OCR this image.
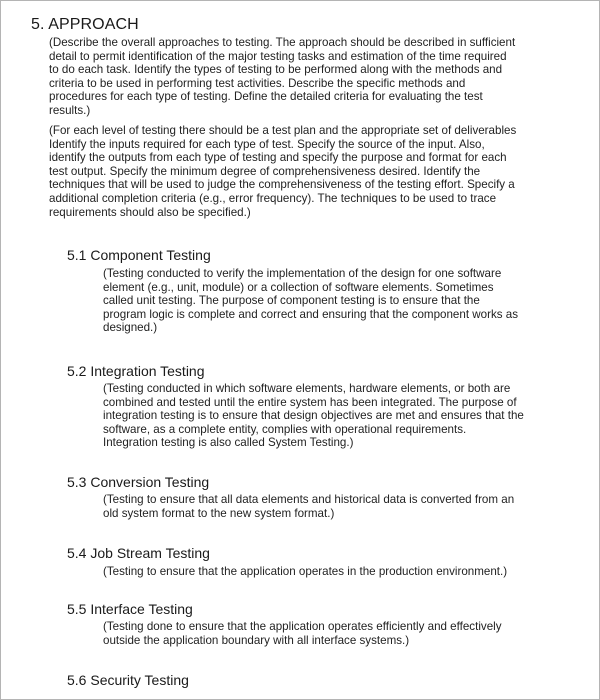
5. APPROACH
(Describe the overall approaches to testing. The approach should be described in sufficient
detail to permit identification of the major testing tasks and estimation of the time required
to do each task. Identify the types of testing to be performed along with the methods and
criteria to be used in performing test activities. Describe the specific methods and
procedures for each type of testing. Define the detailed criteria for evaluating the test
results.)
(For each level of testing there should be a test plan and the appropriate set of deliverables
Identify the inputs required for each type of test. Specify the source of the input. Also,
identify the outputs from each type of testing and specify the purpose and format for each
test output. Specify the minimum degree of comprehensiveness desired. Identify the
techniques that will be used to judge the comprehensiveness of the testing effort. Specify a
additional completion criteria (e.g., error frequency). The techniques to be used to trace
requirements should also be specified.)
5.1 Component Testing
(Testing conducted to verify the implementation of the design for one software
element (e.g., unit, module) or a collection of software elements. Sometimes
called unit testing. The purpose of component testing is to ensure that the
program logic is complete and correct and ensuring that the component works as
designed.)
5.2 Integration Testing
(Testing conducted in which software elements, hardware elements, or both are
combined and tested until the entire system has been integrated. The purpose of
integration testing is to ensure that design objectives are met and ensures that the
software, as a complete entity, complies with operational requirements.
Integration testing is also called System Testing.)
5.3 Conversion Testing
(Testing to ensure that all data elements and historical data is converted from an
old system format to the new system format.)
5.4 Job Stream Testing
(Testing to ensure that the application operates in the production environment.)
5.5 Interface Testing
(Testing done to ensure that the application operates efficiently and effectively
outside the application boundary with all interface systems.)
5.6 Security Testing
